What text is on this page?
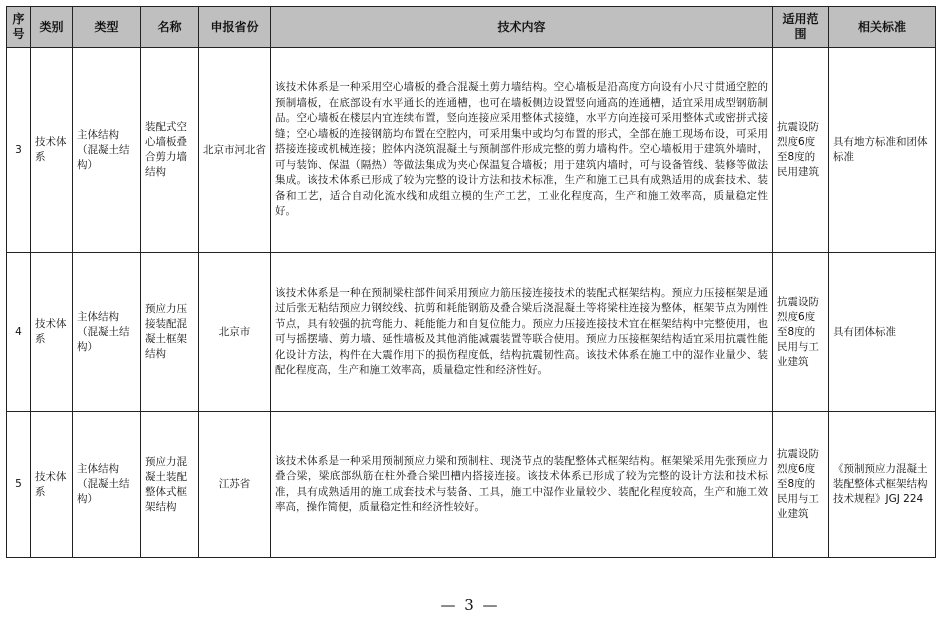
序号	类别	类型	名称	申报省份	技术内容	适用范围	相关标准
3	技术体系	主体结构（混凝土结构）	装配式空心墙板叠合剪力墙结构	北京市河北省	该技术体系是一种采用空心墙板的叠合混凝土剪力墙结构。空心墙板是沿高度方向设有小尺寸贯通空腔的预制墙板，在底部设有水平通长的连通槽，也可在墙板侧边设置竖向通高的连通槽，适宜采用成型钢筋制品。空心墙板在楼层内宜连续布置，竖向连接应采用整体式接缝，水平方向连接可采用整体式或密拼式接缝；空心墙板的连接钢筋均布置在空腔内，可采用集中或均匀布置的形式，全部在施工现场布设，可采用搭接连接或机械连接；腔体内浇筑混凝土与预制部件形成完整的剪力墙构件。空心墙板用于建筑外墙时，可与装饰、保温（隔热）等做法集成为夹心保温复合墙板；用于建筑内墙时，可与设备管线、装修等做法集成。该技术体系已形成了较为完整的设计方法和技术标准，生产和施工已具有成熟适用的成套技术、装备和工艺，适合自动化流水线和成组立模的生产工艺，工业化程度高，生产和施工效率高，质量稳定性好。	抗震设防烈度6度至8度的民用建筑	具有地方标准和团体标准
4	技术体系	主体结构（混凝土结构）	预应力压接装配混凝土框架结构	北京市	该技术体系是一种在预制梁柱部件间采用预应力筋压接连接技术的装配式框架结构。预应力压接框架是通过后张无粘结预应力钢绞线、抗剪和耗能钢筋及叠合梁后浇混凝土等将梁柱连接为整体，框架节点为刚性节点，具有较强的抗弯能力、耗能能力和自复位能力。预应力压接连接技术宜在框架结构中完整使用，也可与摇摆墙、剪力墙、延性墙板及其他消能减震装置等联合使用。预应力压接框架结构适宜采用抗震性能化设计方法，构件在大震作用下的损伤程度低，结构抗震韧性高。该技术体系在施工中的湿作业量少、装配化程度高，生产和施工效率高，质量稳定性和经济性好。	抗震设防烈度6度至8度的民用与工业建筑	具有团体标准
5	技术体系	主体结构（混凝土结构）	预应力混凝土装配整体式框架结构	江苏省	该技术体系是一种采用预制预应力梁和预制柱、现浇节点的装配整体式框架结构。框架梁采用先张预应力叠合梁，梁底部纵筋在柱外叠合梁凹槽内搭接连接。该技术体系已形成了较为完整的设计方法和技术标准，具有成熟适用的施工成套技术与装备、工具，施工中湿作业量较少、装配化程度较高，生产和施工效率高，操作简便，质量稳定性和经济性较好。	抗震设防烈度6度至8度的民用与工业建筑	《预制预应力混凝土装配整体式框架结构技术规程》JGJ 224
— 3 —
